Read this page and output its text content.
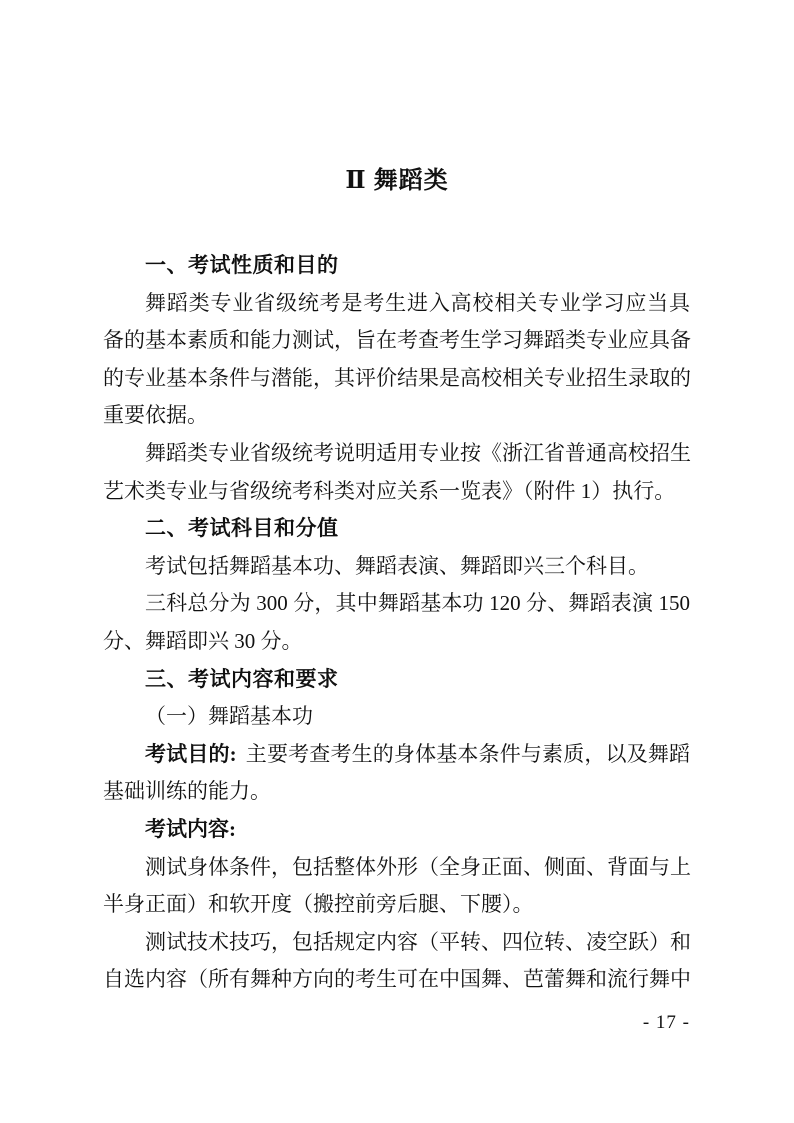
Ⅱ 舞蹈类
一、考试性质和目的
舞蹈类专业省级统考是考生进入高校相关专业学习应当具
备的基本素质和能力测试，旨在考查考生学习舞蹈类专业应具备
的专业基本条件与潜能，其评价结果是高校相关专业招生录取的
重要依据。
舞蹈类专业省级统考说明适用专业按《浙江省普通高校招生
艺术类专业与省级统考科类对应关系一览表》（附件 1）执行。
二、考试科目和分值
考试包括舞蹈基本功、舞蹈表演、舞蹈即兴三个科目。
三科总分为 300 分，其中舞蹈基本功 120 分、舞蹈表演 150
分、舞蹈即兴 30 分。
三、考试内容和要求
（一）舞蹈基本功
考试目的: 主要考查考生的身体基本条件与素质，以及舞蹈
基础训练的能力。
考试内容:
测试身体条件，包括整体外形（全身正面、侧面、背面与上
半身正面）和软开度（搬控前旁后腿、下腰）。
测试技术技巧，包括规定内容（平转、四位转、凌空跃）和
自选内容（所有舞种方向的考生可在中国舞、芭蕾舞和流行舞中
- 17 -
